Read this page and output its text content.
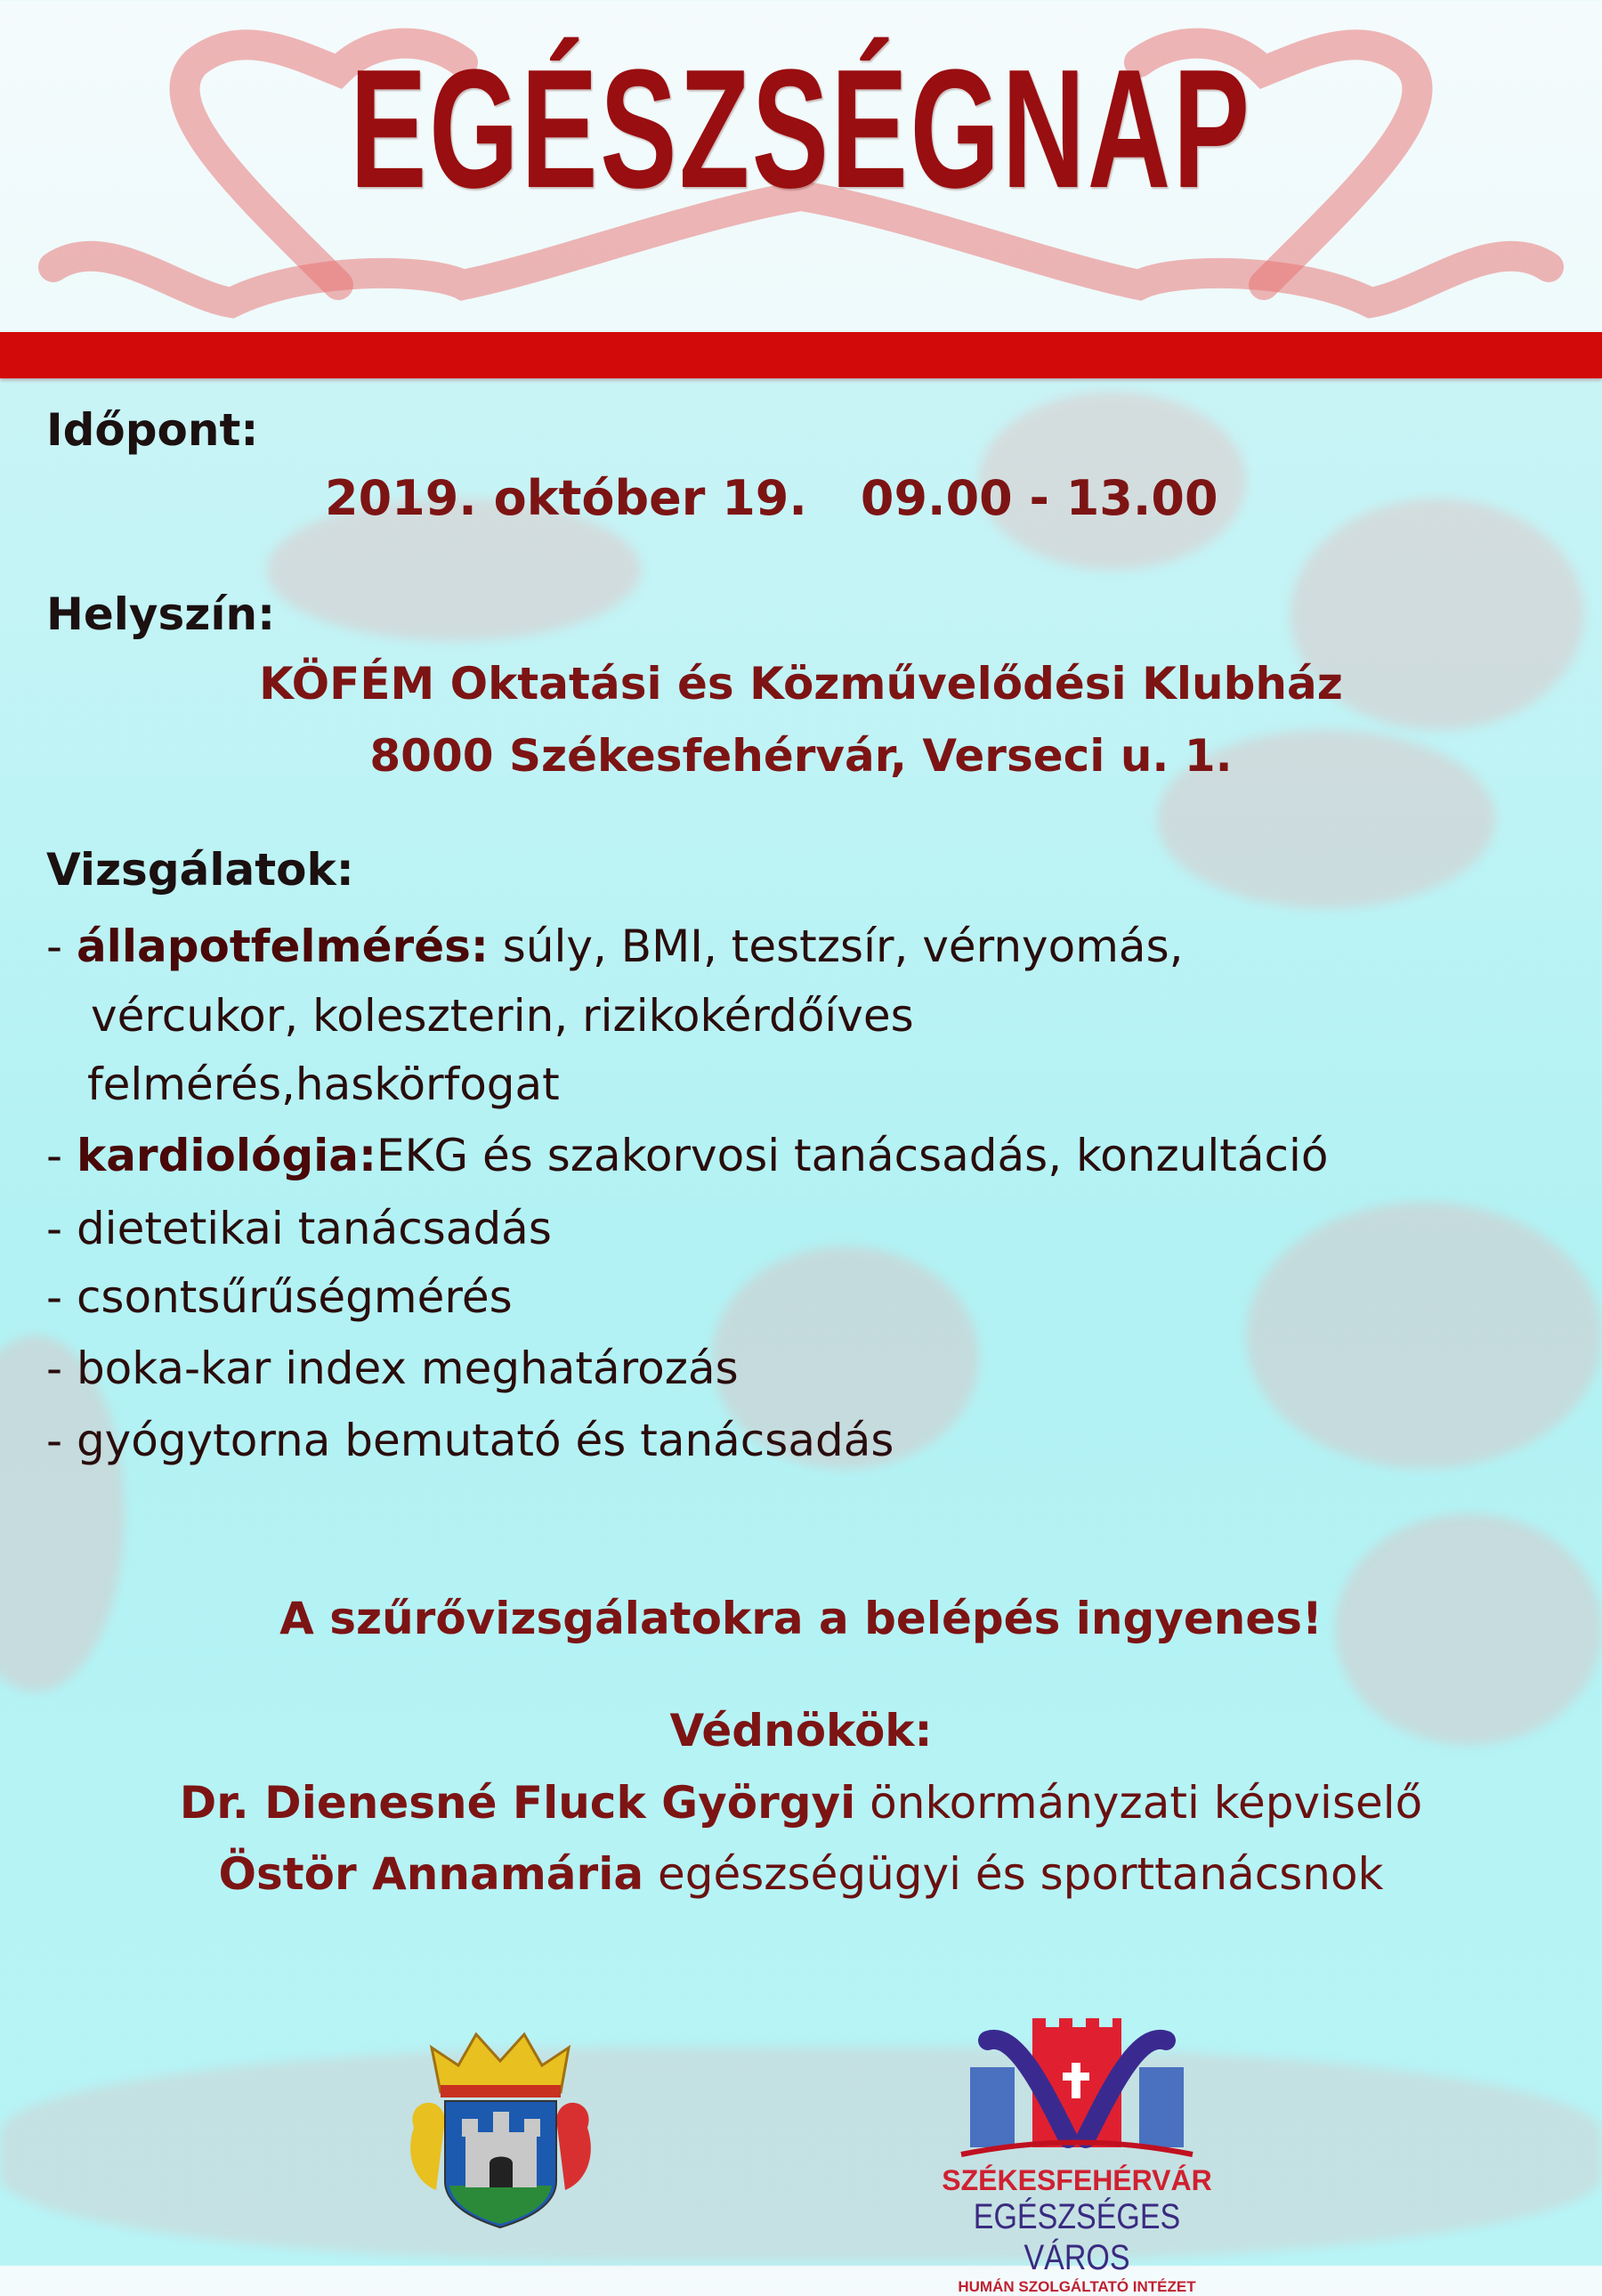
EGÉSZSÉGNAP
Időpont:
2019. október 19. 09.00 - 13.00
Helyszín:
KÖFÉM Oktatási és Közművelődési Klubház
8000 Székesfehérvár, Verseci u. 1.
Vizsgálatok:
- állapotfelmérés: súly, BMI, testzsír, vérnyomás,
vércukor, koleszterin, rizikokérdőíves
felmérés,haskörfogat
- kardiológia:EKG és szakorvosi tanácsadás, konzultáció
- dietetikai tanácsadás
- csontsűrűségmérés
- boka-kar index meghatározás
- gyógytorna bemutató és tanácsadás
A szűrővizsgálatokra a belépés ingyenes!
Védnökök:
Dr. Dienesné Fluck Györgyi önkormányzati képviselő
Östör Annamária egészségügyi és sporttanácsnok
SZÉKESFEHÉRVÁR
EGÉSZSÉGES VÁROS
HUMÁN SZOLGÁLTATÓ INTÉZET
